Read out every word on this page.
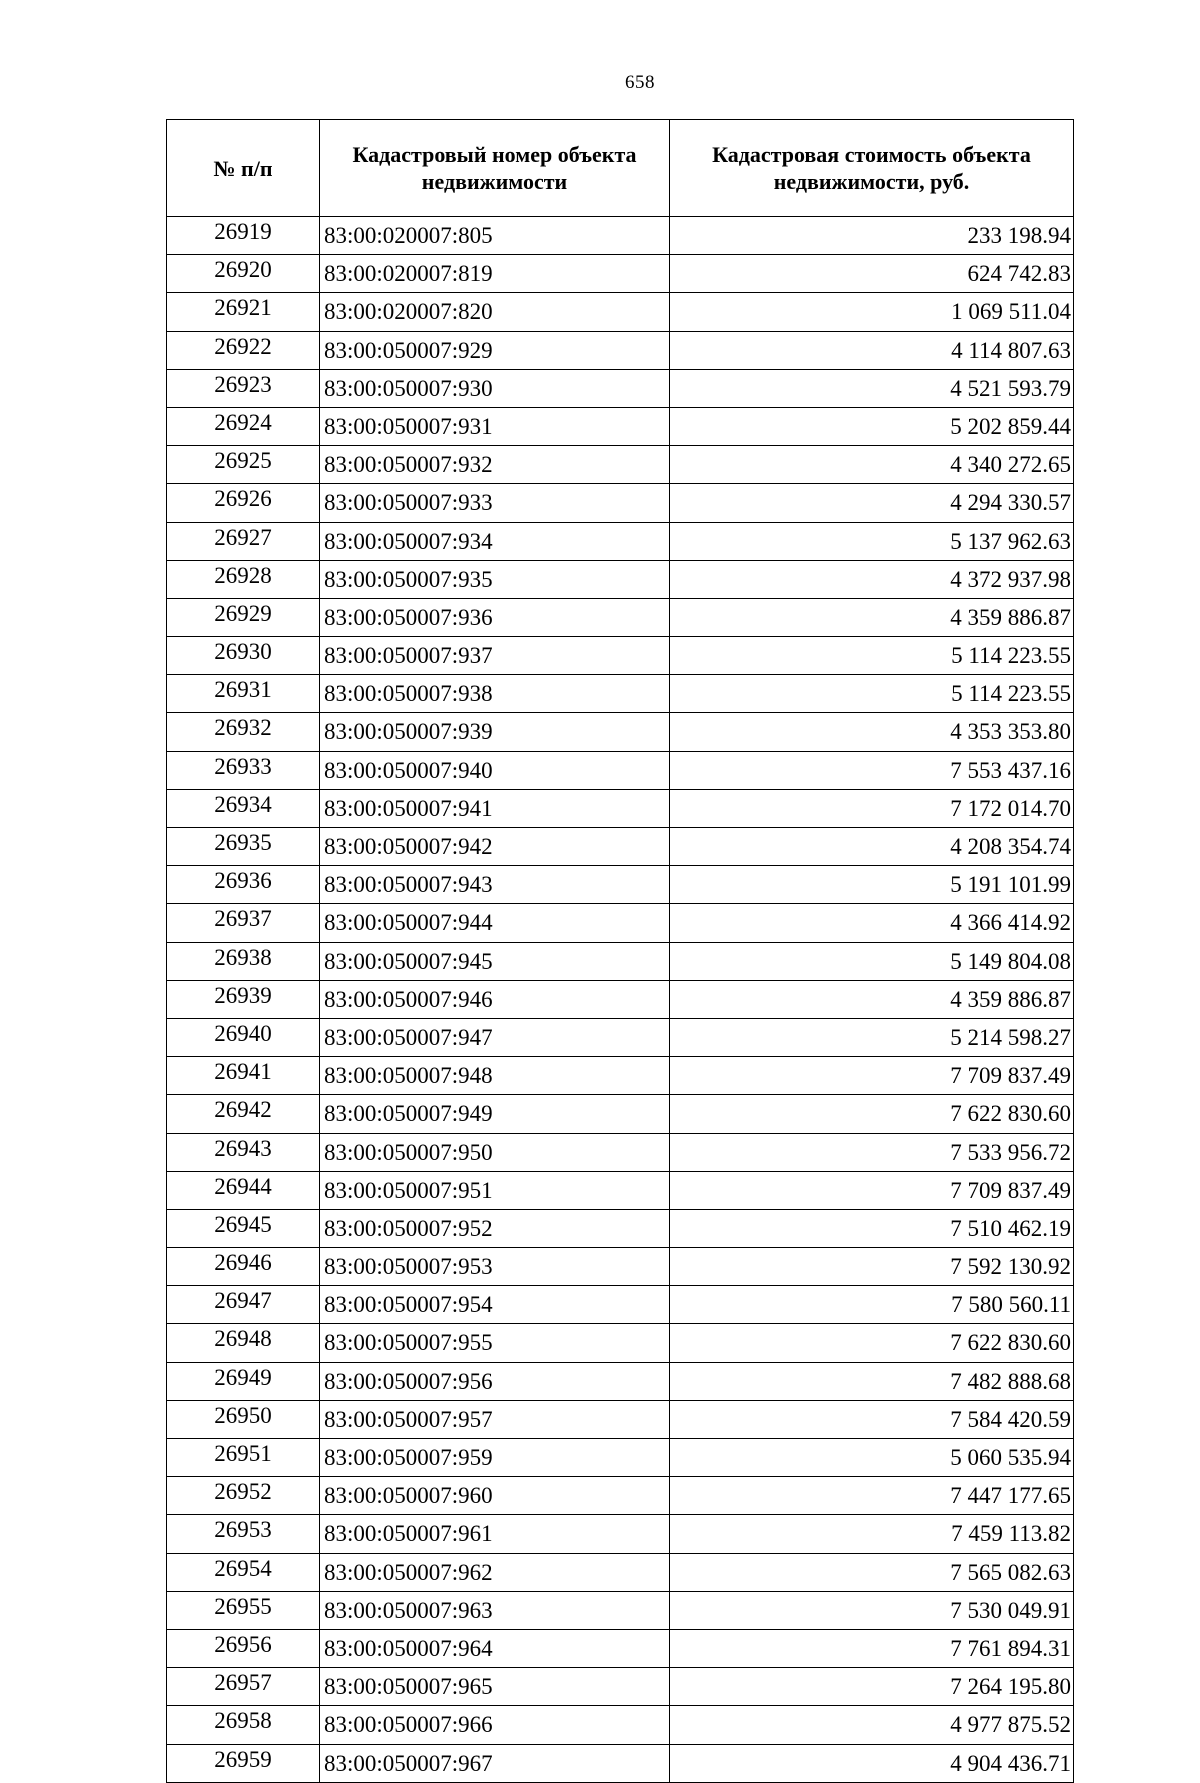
658
№ п/п	Кадастровый номер объекта недвижимости	Кадастровая стоимость объекта недвижимости, руб.
26919	83:00:020007:805	233 198.94
26920	83:00:020007:819	624 742.83
26921	83:00:020007:820	1 069 511.04
26922	83:00:050007:929	4 114 807.63
26923	83:00:050007:930	4 521 593.79
26924	83:00:050007:931	5 202 859.44
26925	83:00:050007:932	4 340 272.65
26926	83:00:050007:933	4 294 330.57
26927	83:00:050007:934	5 137 962.63
26928	83:00:050007:935	4 372 937.98
26929	83:00:050007:936	4 359 886.87
26930	83:00:050007:937	5 114 223.55
26931	83:00:050007:938	5 114 223.55
26932	83:00:050007:939	4 353 353.80
26933	83:00:050007:940	7 553 437.16
26934	83:00:050007:941	7 172 014.70
26935	83:00:050007:942	4 208 354.74
26936	83:00:050007:943	5 191 101.99
26937	83:00:050007:944	4 366 414.92
26938	83:00:050007:945	5 149 804.08
26939	83:00:050007:946	4 359 886.87
26940	83:00:050007:947	5 214 598.27
26941	83:00:050007:948	7 709 837.49
26942	83:00:050007:949	7 622 830.60
26943	83:00:050007:950	7 533 956.72
26944	83:00:050007:951	7 709 837.49
26945	83:00:050007:952	7 510 462.19
26946	83:00:050007:953	7 592 130.92
26947	83:00:050007:954	7 580 560.11
26948	83:00:050007:955	7 622 830.60
26949	83:00:050007:956	7 482 888.68
26950	83:00:050007:957	7 584 420.59
26951	83:00:050007:959	5 060 535.94
26952	83:00:050007:960	7 447 177.65
26953	83:00:050007:961	7 459 113.82
26954	83:00:050007:962	7 565 082.63
26955	83:00:050007:963	7 530 049.91
26956	83:00:050007:964	7 761 894.31
26957	83:00:050007:965	7 264 195.80
26958	83:00:050007:966	4 977 875.52
26959	83:00:050007:967	4 904 436.71
